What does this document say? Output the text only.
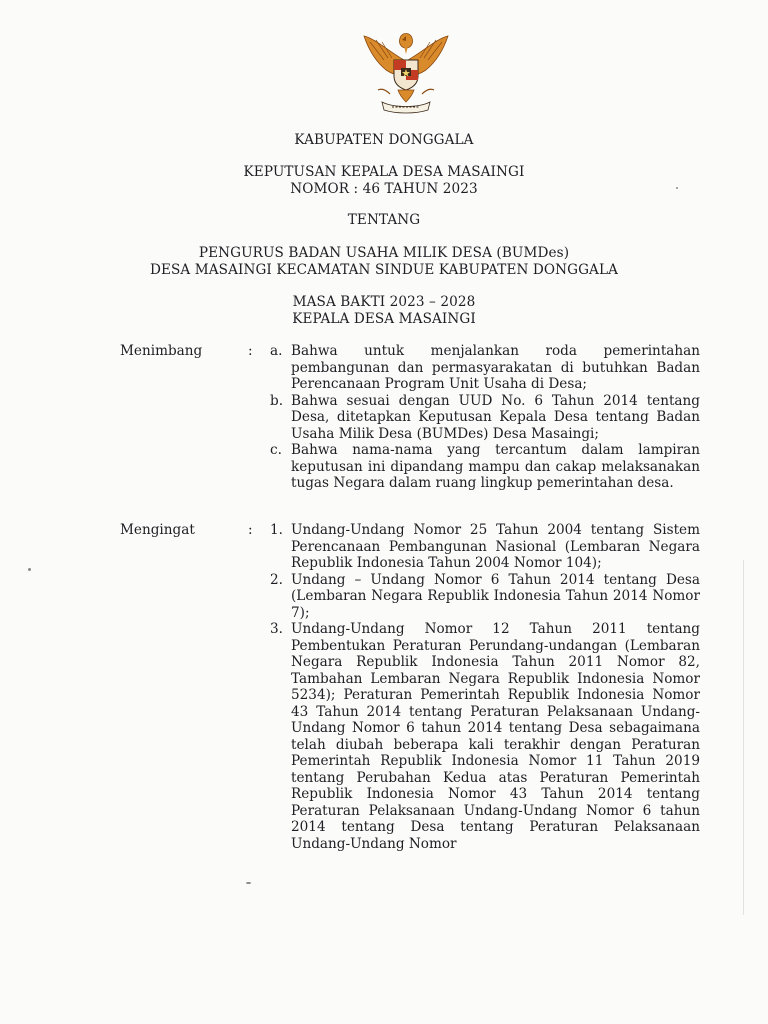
KABUPATEN DONGGALA
KEPUTUSAN KEPALA DESA MASAINGI
NOMOR : 46 TAHUN 2023
TENTANG
PENGURUS BADAN USAHA MILIK DESA (BUMDes)
DESA MASAINGI KECAMATAN SINDUE KABUPATEN DONGGALA
MASA BAKTI 2023 – 2028
KEPALA DESA MASAINGI
Menimbang	: a. Bahwa untuk menjalankan roda pemerintahan pembangunan dan permasyarakatan di butuhkan Badan Perencanaan Program Unit Usaha di Desa;
b. Bahwa sesuai dengan UUD No. 6 Tahun 2014 tentang Desa, ditetapkan Keputusan Kepala Desa tentang Badan Usaha Milik Desa (BUMDes) Desa Masaingi;
c. Bahwa nama-nama yang tercantum dalam lampiran keputusan ini dipandang mampu dan cakap melaksanakan tugas Negara dalam ruang lingkup pemerintahan desa.
Mengingat	: 1. Undang-Undang Nomor 25 Tahun 2004 tentang Sistem Perencanaan Pembangunan Nasional (Lembaran Negara Republik Indonesia Tahun 2004 Nomor 104);
2. Undang – Undang Nomor 6 Tahun 2014 tentang Desa (Lembaran Negara Republik Indonesia Tahun 2014 Nomor 7);
3. Undang-Undang Nomor 12 Tahun 2011 tentang Pembentukan Peraturan Perundang-undangan (Lembaran Negara Republik Indonesia Tahun 2011 Nomor 82, Tambahan Lembaran Negara Republik Indonesia Nomor 5234); Peraturan Pemerintah Republik Indonesia Nomor 43 Tahun 2014 tentang Peraturan Pelaksanaan Undang-Undang Nomor 6 tahun 2014 tentang Desa sebagaimana telah diubah beberapa kali terakhir dengan Peraturan Pemerintah Republik Indonesia Nomor 11 Tahun 2019 tentang Perubahan Kedua atas Peraturan Pemerintah Republik Indonesia Nomor 43 Tahun 2014 tentang Peraturan Pelaksanaan Undang-Undang Nomor 6 tahun 2014 tentang Desa tentang Peraturan Pelaksanaan Undang-Undang Nomor
